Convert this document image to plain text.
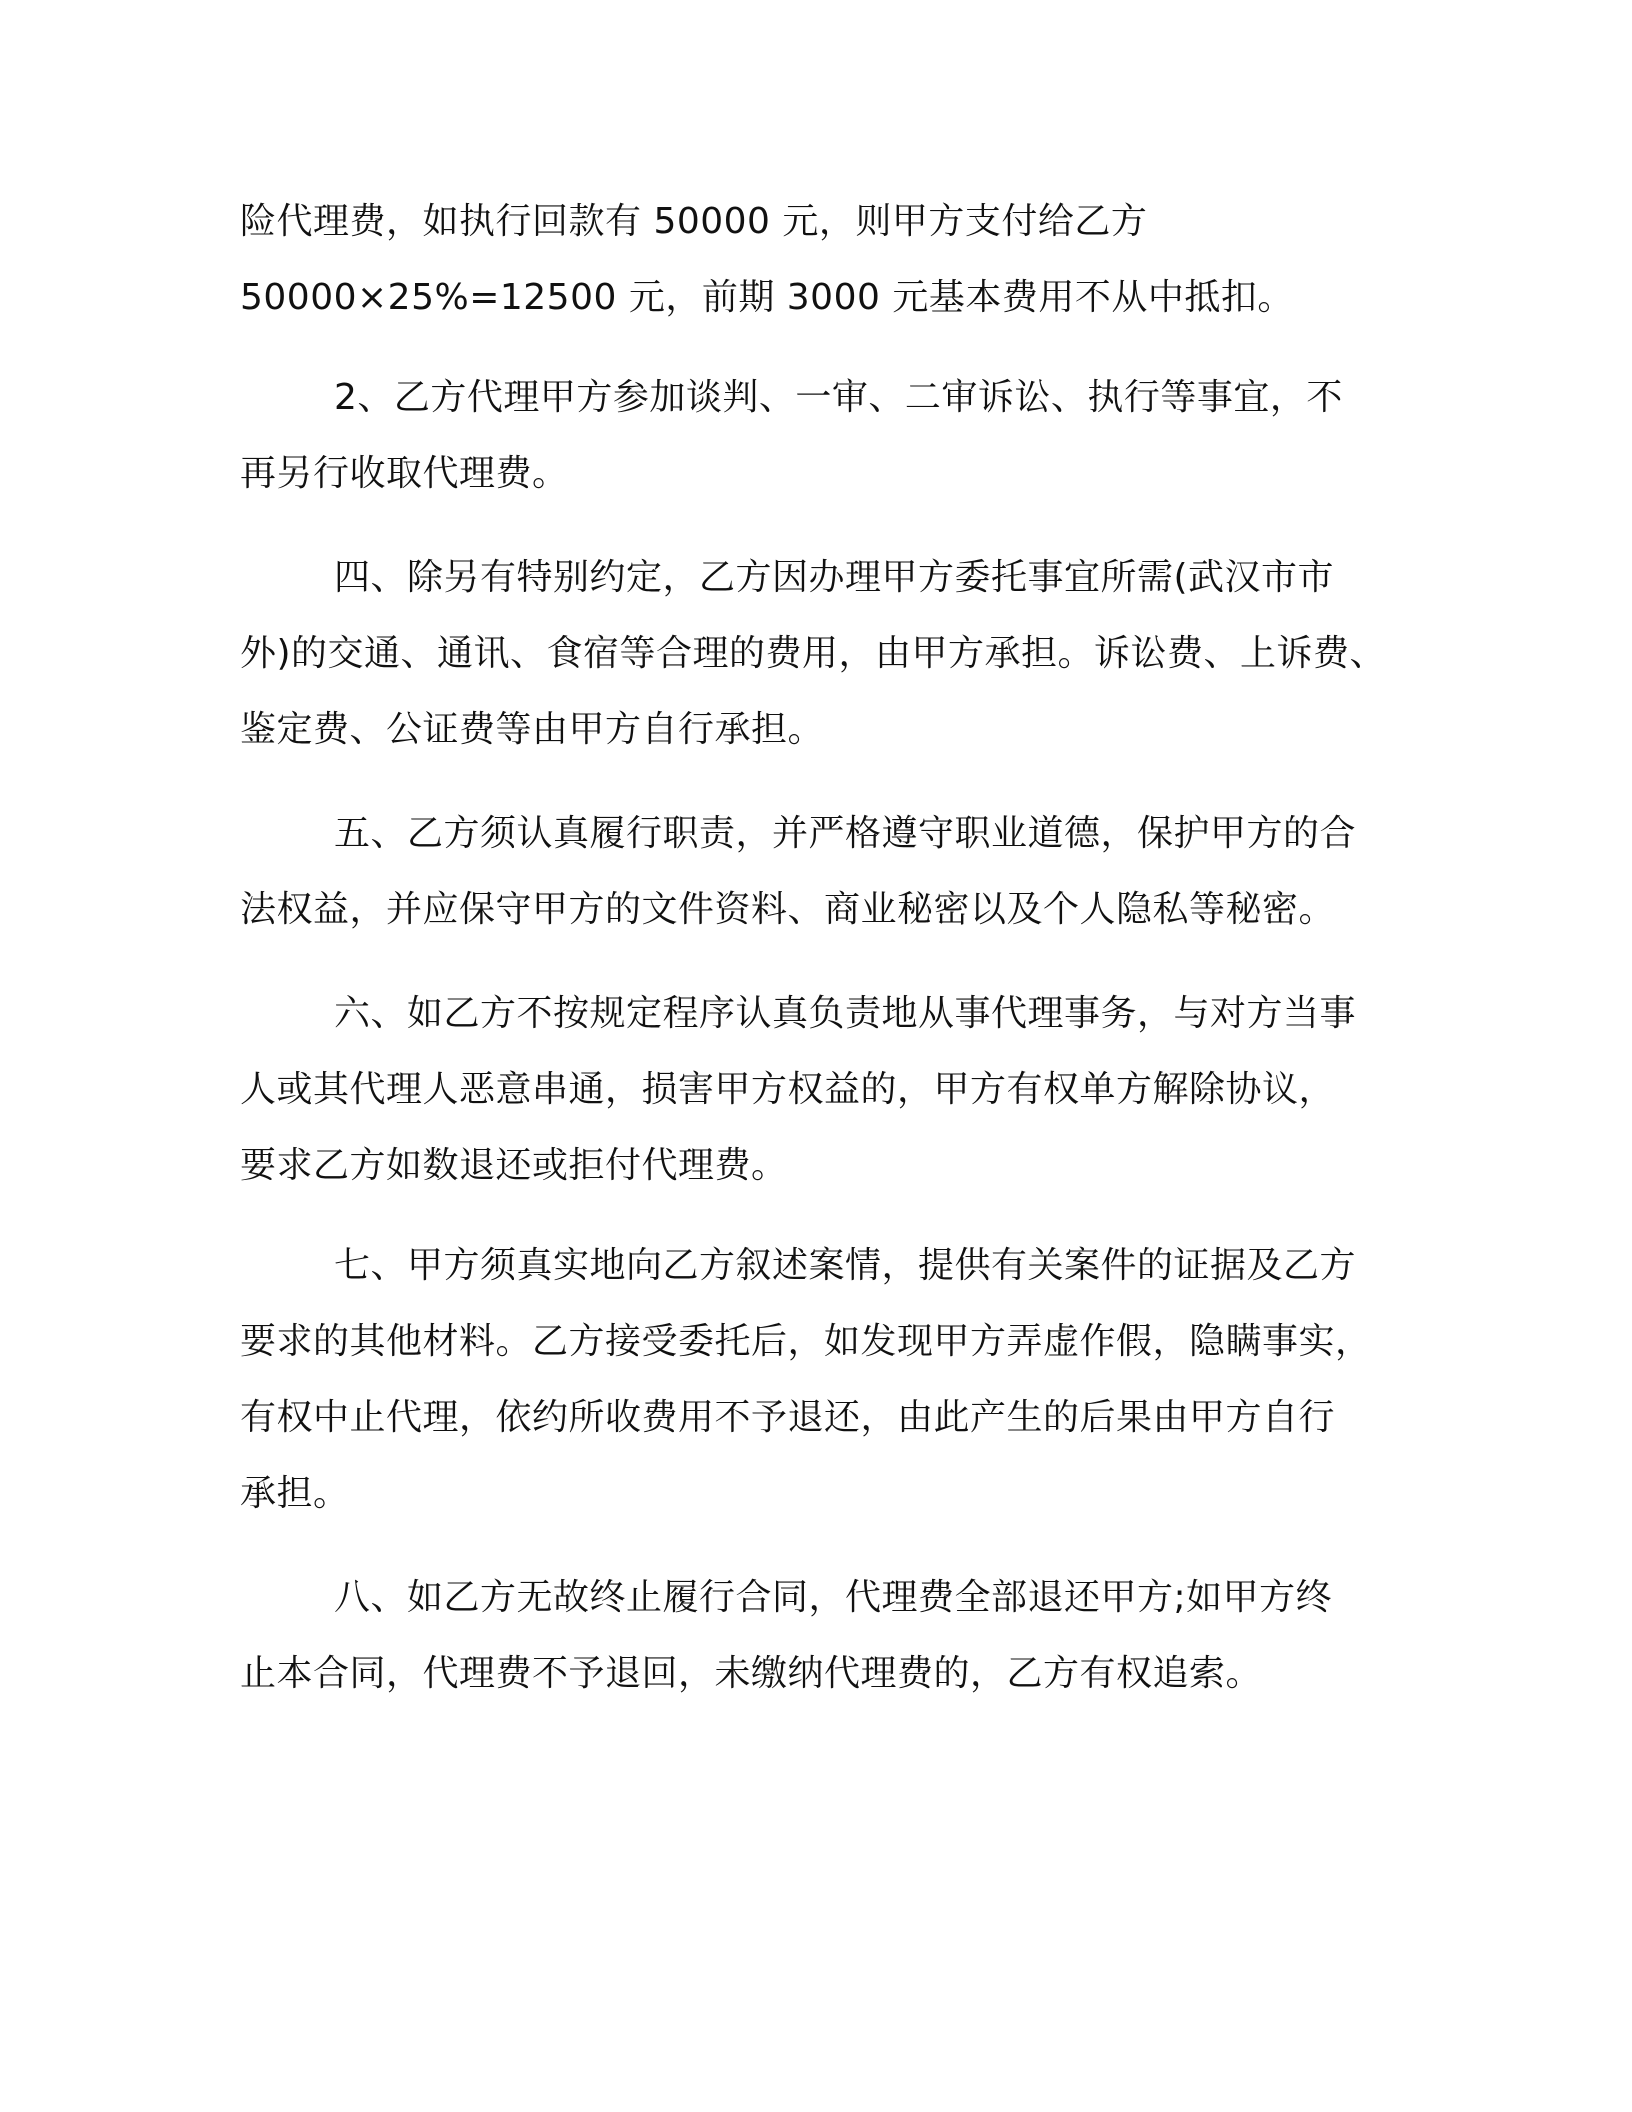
险代理费，如执行回款有 50000 元，则甲方支付给乙方
50000×25%=12500 元，前期 3000 元基本费用不从中抵扣。
2、乙方代理甲方参加谈判、一审、二审诉讼、执行等事宜，不
再另行收取代理费。
四、除另有特别约定，乙方因办理甲方委托事宜所需(武汉市市
外)的交通、通讯、食宿等合理的费用，由甲方承担。诉讼费、上诉费、
鉴定费、公证费等由甲方自行承担。
五、乙方须认真履行职责，并严格遵守职业道德，保护甲方的合
法权益，并应保守甲方的文件资料、商业秘密以及个人隐私等秘密。
六、如乙方不按规定程序认真负责地从事代理事务，与对方当事
人或其代理人恶意串通，损害甲方权益的，甲方有权单方解除协议，
要求乙方如数退还或拒付代理费。
七、甲方须真实地向乙方叙述案情，提供有关案件的证据及乙方
要求的其他材料。乙方接受委托后，如发现甲方弄虚作假，隐瞒事实，
有权中止代理，依约所收费用不予退还，由此产生的后果由甲方自行
承担。
八、如乙方无故终止履行合同，代理费全部退还甲方;如甲方终
止本合同，代理费不予退回，未缴纳代理费的，乙方有权追索。
